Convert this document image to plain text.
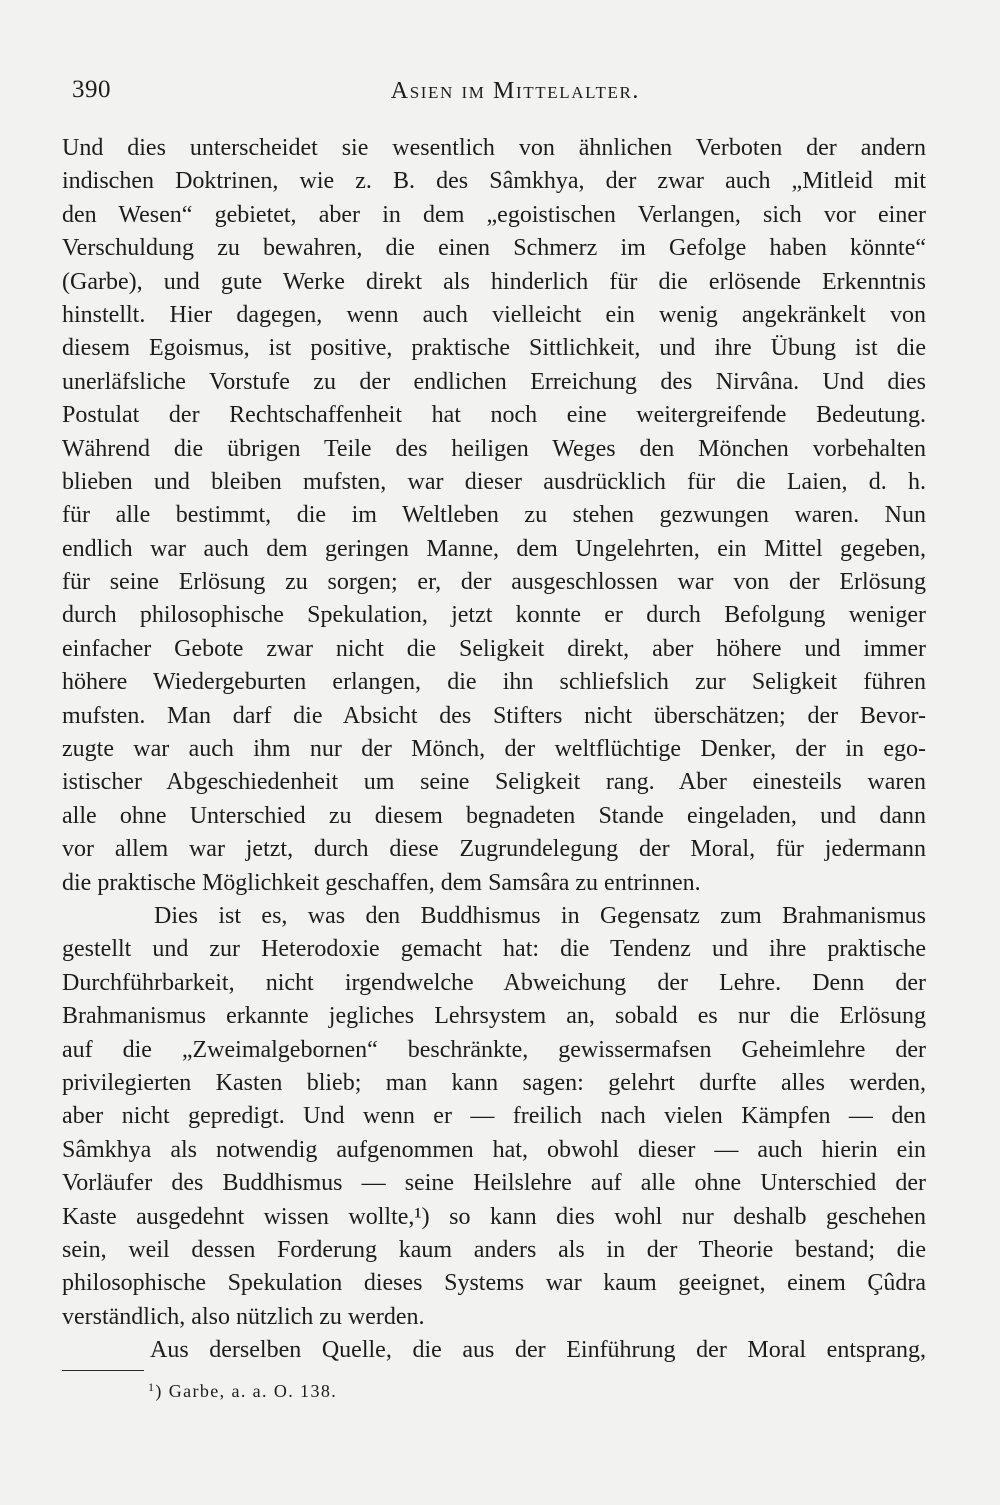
390	Asien im Mittelalter.
Und dies unterscheidet sie wesentlich von ähnlichen Verboten der andern
indischen Doktrinen, wie z. B. des Sâmkhya, der zwar auch „Mitleid mit
den Wesen“ gebietet, aber in dem „egoistischen Verlangen, sich vor einer
Verschuldung zu bewahren, die einen Schmerz im Gefolge haben könnte“
(Garbe), und gute Werke direkt als hinderlich für die erlösende Erkenntnis
hinstellt. Hier dagegen, wenn auch vielleicht ein wenig angekränkelt von
diesem Egoismus, ist positive, praktische Sittlichkeit, und ihre Übung ist die
unerläfsliche Vorstufe zu der endlichen Erreichung des Nirvâna. Und dies
Postulat der Rechtschaffenheit hat noch eine weitergreifende Bedeutung.
Während die übrigen Teile des heiligen Weges den Mönchen vorbehalten
blieben und bleiben mufsten, war dieser ausdrücklich für die Laien, d. h.
für alle bestimmt, die im Weltleben zu stehen gezwungen waren. Nun
endlich war auch dem geringen Manne, dem Ungelehrten, ein Mittel gegeben,
für seine Erlösung zu sorgen; er, der ausgeschlossen war von der Erlösung
durch philosophische Spekulation, jetzt konnte er durch Befolgung weniger
einfacher Gebote zwar nicht die Seligkeit direkt, aber höhere und immer
höhere Wiedergeburten erlangen, die ihn schliefslich zur Seligkeit führen
mufsten. Man darf die Absicht des Stifters nicht überschätzen; der Bevor-
zugte war auch ihm nur der Mönch, der weltflüchtige Denker, der in ego-
istischer Abgeschiedenheit um seine Seligkeit rang. Aber einesteils waren
alle ohne Unterschied zu diesem begnadeten Stande eingeladen, und dann
vor allem war jetzt, durch diese Zugrundelegung der Moral, für jedermann
die praktische Möglichkeit geschaffen, dem Samsâra zu entrinnen.
Dies ist es, was den Buddhismus in Gegensatz zum Brahmanismus
gestellt und zur Heterodoxie gemacht hat: die Tendenz und ihre praktische
Durchführbarkeit, nicht irgendwelche Abweichung der Lehre. Denn der
Brahmanismus erkannte jegliches Lehrsystem an, sobald es nur die Erlösung
auf die „Zweimalgebornen“ beschränkte, gewissermafsen Geheimlehre der
privilegierten Kasten blieb; man kann sagen: gelehrt durfte alles werden,
aber nicht gepredigt. Und wenn er — freilich nach vielen Kämpfen — den
Sâmkhya als notwendig aufgenommen hat, obwohl dieser — auch hierin ein
Vorläufer des Buddhismus — seine Heilslehre auf alle ohne Unterschied der
Kaste ausgedehnt wissen wollte,¹) so kann dies wohl nur deshalb geschehen
sein, weil dessen Forderung kaum anders als in der Theorie bestand; die
philosophische Spekulation dieses Systems war kaum geeignet, einem Çûdra
verständlich, also nützlich zu werden.
Aus derselben Quelle, die aus der Einführung der Moral entsprang,
$^1$) Garbe, a. a. O. 138.
